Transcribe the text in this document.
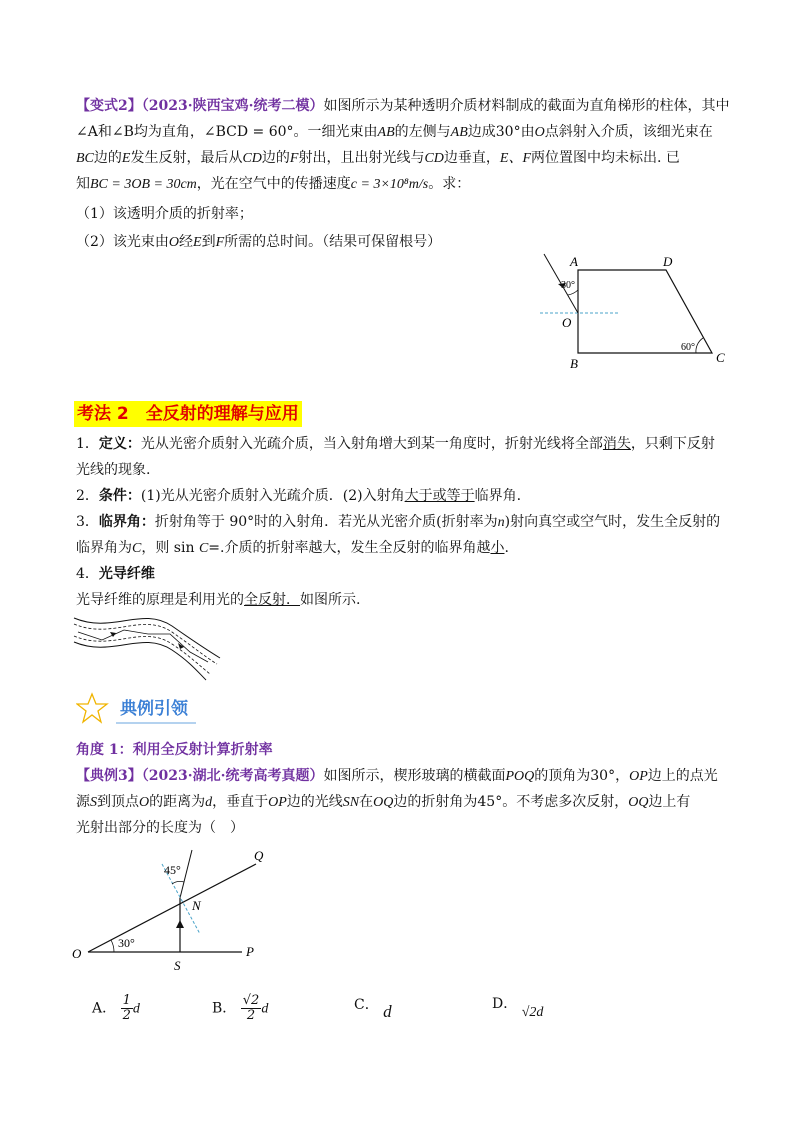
【变式2】（2023·陕西宝鸡·统考二模）如图所示为某种透明介质材料制成的截面为直角梯形的柱体，其中
∠A和∠B均为直角，∠BCD = 60°。一细光束由AB的左侧与AB边成30°由O点斜射入介质，该细光束在
BC边的E发生反射，最后从CD边的F射出，且出射光线与CD边垂直，E、F两位置图中均未标出. 已
知BC = 3OB = 30cm，光在空气中的传播速度c = 3×10⁸m/s。求：
（1）该透明介质的折射率；
（2）该光束由O经E到F所需的总时间。（结果可保留根号）
A	D
O
B	C
30°
60°
考法 2　全反射的理解与应用
1．定义：光从光密介质射入光疏介质，当入射角增大到某一角度时，折射光线将全部消失，只剩下反射
光线的现象.
2．条件：(1)光从光密介质射入光疏介质．(2)入射角大于或等于临界角.
3．临界角：折射角等于 90°时的入射角．若光从光密介质(折射率为n)射向真空或空气时，发生全反射的
临界角为C，则 sin C=.介质的折射率越大，发生全反射的临界角越小.
4．光导纤维
光导纤维的原理是利用光的全反射．如图所示.
典例引领
角度 1：利用全反射计算折射率
【典例3】（2023·湖北·统考高考真题）如图所示，楔形玻璃的横截面POQ的顶角为30°，OP边上的点光
源S到顶点O的距离为d，垂直于OP边的光线SN在OQ边的折射角为45°。不考虑多次反射，OQ边上有
光射出部分的长度为（　）
O	P
Q
S
N
30°
45°
A． $\frac{1}{2}$ d	B． $\frac{√2}{2}$ d	C． d	D． √2d
